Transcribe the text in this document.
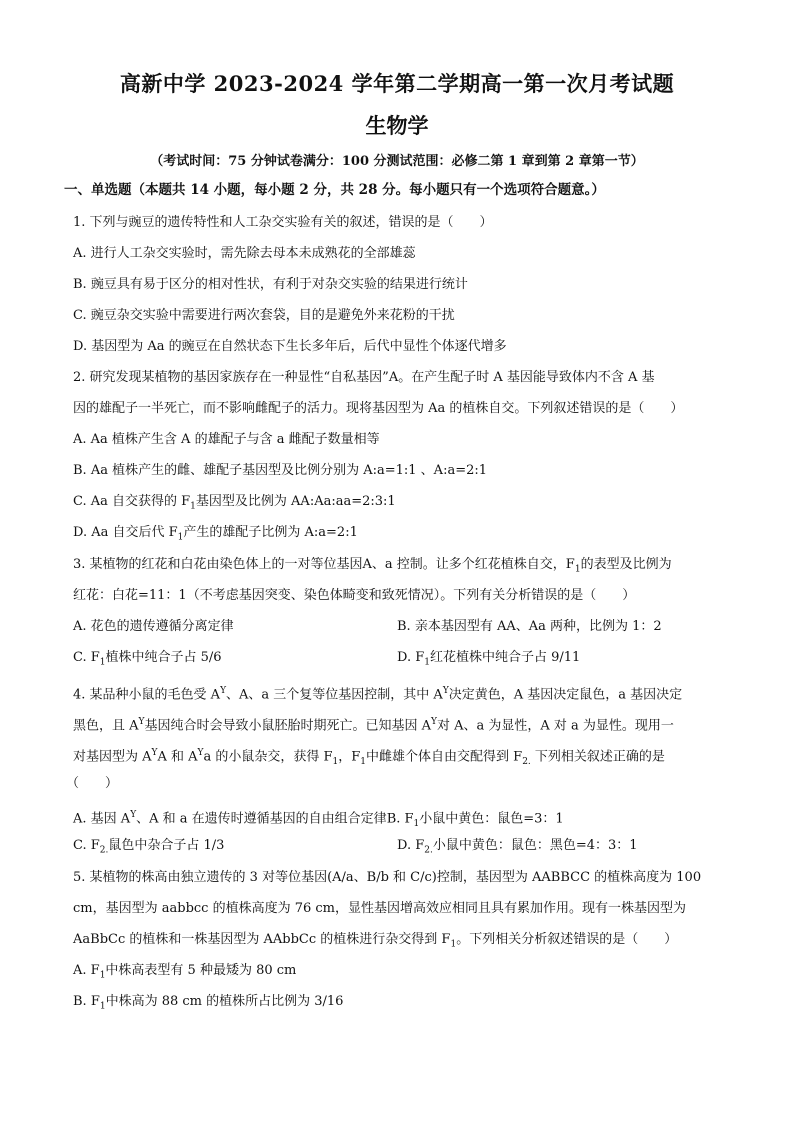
高新中学 2023-2024 学年第二学期高一第一次月考试题
生物学
（考试时间：75 分钟试卷满分：100 分测试范围：必修二第 1 章到第 2 章第一节）
一、单选题（本题共 14 小题，每小题 2 分，共 28 分。每小题只有一个选项符合题意。）
1. 下列与豌豆的遗传特性和人工杂交实验有关的叙述，错误的是（　　）
A. 进行人工杂交实验时，需先除去母本未成熟花的全部雄蕊
B. 豌豆具有易于区分的相对性状，有利于对杂交实验的结果进行统计
C. 豌豆杂交实验中需要进行两次套袋，目的是避免外来花粉的干扰
D. 基因型为 Aa 的豌豆在自然状态下生长多年后，后代中显性个体逐代增多
2. 研究发现某植物的基因家族存在一种显性“自私基因”A。在产生配子时 A 基因能导致体内不含 A 基
因的雄配子一半死亡，而不影响雌配子的活力。现将基因型为 Aa 的植株自交。下列叙述错误的是（　　）
A. Aa 植株产生含 A 的雄配子与含 a 雌配子数量相等
B. Aa 植株产生的雌、雄配子基因型及比例分别为 A:a=1:1 、A:a=2:1
C. Aa 自交获得的 $F_1$基因型及比例为 AA:Aa:aa=2:3:1
D. Aa 自交后代 $F_1$产生的雄配子比例为 A:a=2:1
3. 某植物的红花和白花由染色体上的一对等位基因A、a 控制。让多个红花植株自交，$F_1$的表型及比例为
红花：白花=11：1（不考虑基因突变、染色体畸变和致死情况）。下列有关分析错误的是（　　）
A. 花色的遗传遵循分离定律	B. 亲本基因型有 AA、Aa 两种，比例为 1：2
C. $F_1$植株中纯合子占 5/6	D. $F_1$红花植株中纯合子占 9/11
4. 某品种小鼠的毛色受 $A^Y$、A、a 三个复等位基因控制，其中 $A^Y$决定黄色，A 基因决定鼠色，a 基因决定
黑色，且 $A^Y$基因纯合时会导致小鼠胚胎时期死亡。已知基因 $A^Y$对 A、a 为显性，A 对 a 为显性。现用一
对基因型为 $A^YA$ 和 $A^Ya$ 的小鼠杂交，获得 $F_1$，$F_1$中雌雄个体自由交配得到 $F_{2.}$ 下列相关叙述正确的是
（　　）
A. 基因 $A^Y$、A 和 a 在遗传时遵循基因的自由组合定律B. $F_1$小鼠中黄色：鼠色=3：1
C. $F_{2.}$鼠色中杂合子占 1/3	D. $F_{2.}$小鼠中黄色：鼠色：黑色=4：3：1
5. 某植物的株高由独立遗传的 3 对等位基因(A/a、B/b 和 C/c)控制，基因型为 AABBCC 的植株高度为 100
cm，基因型为 aabbcc 的植株高度为 76 cm，显性基因增高效应相同且具有累加作用。现有一株基因型为
AaBbCc 的植株和一株基因型为 AAbbCc 的植株进行杂交得到 $F_1$。下列相关分析叙述错误的是（　　）
A. $F_1$中株高表型有 5 种最矮为 80 cm
B. $F_1$中株高为 88 cm 的植株所占比例为 3/16
